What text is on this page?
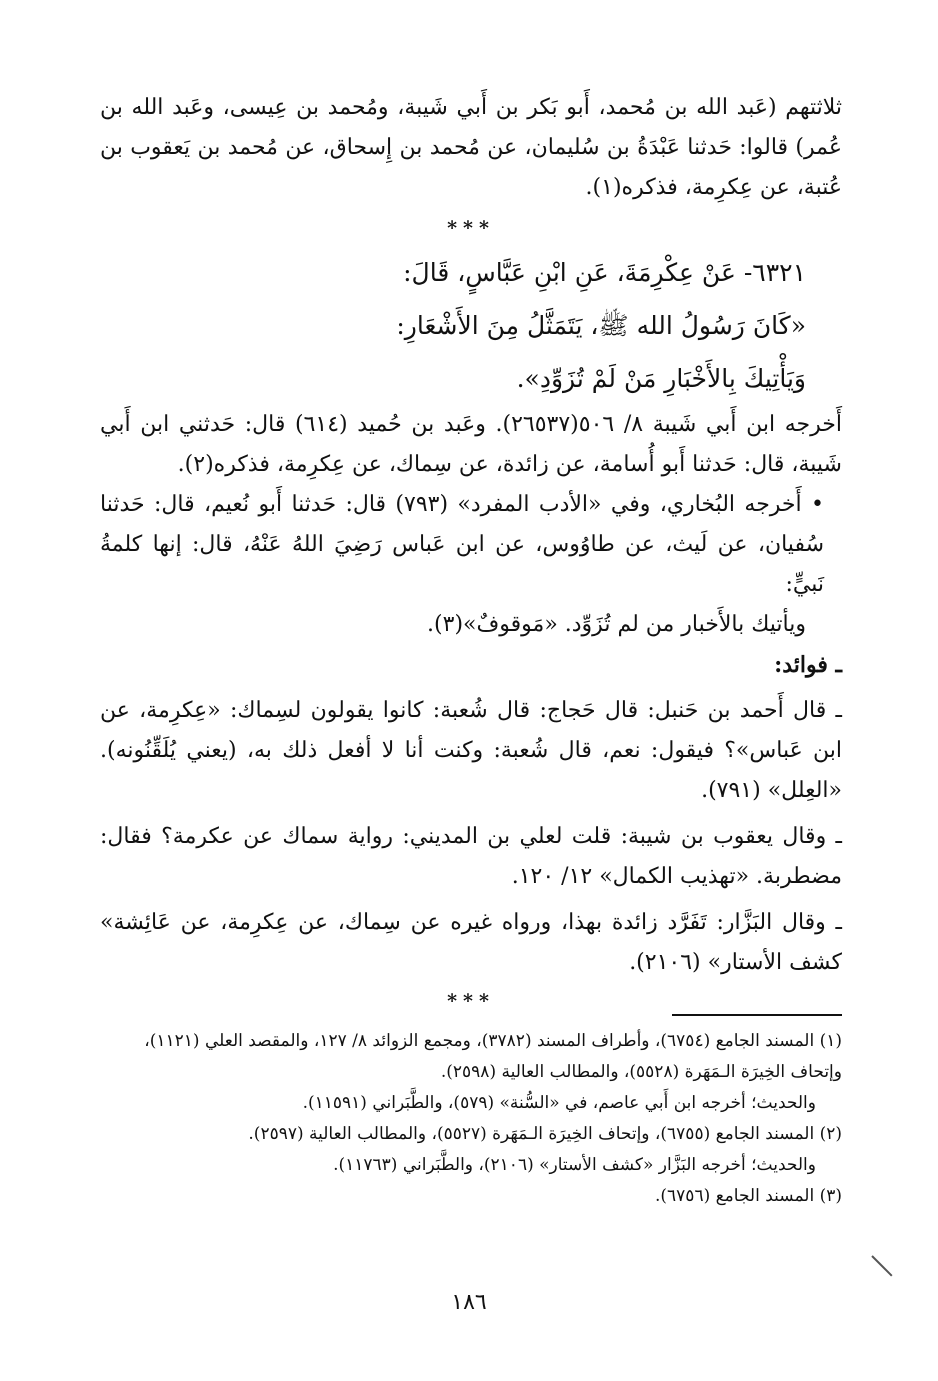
ثلاثتهم (عَبد الله بن مُحمد، أَبو بَكر بن أَبي شَيبة، ومُحمد بن عِيسى، وعَبد الله بن عُمر) قالوا: حَدثنا عَبْدَةُ بن سُليمان، عن مُحمد بن إِسحاق، عن مُحمد بن يَعقوب بن عُتبة، عن عِكرِمة، فذكره(١).

***
٦٣٢١- عَنْ عِكْرِمَةَ، عَنِ ابْنِ عَبَّاسٍ، قَالَ:
«كَانَ رَسُولُ الله ﷺ، يَتَمَثَّلُ مِنَ الأَشْعَارِ:
وَيَأْتِيكَ بِالأَخْبَارِ مَنْ لَمْ تُزَوِّدِ».

أَخرجه ابن أَبي شَيبة ٨/ ٥٠٦(٢٦٥٣٧). وعَبد بن حُميد (٦١٤) قال: حَدثني ابن أَبي شَيبة، قال: حَدثنا أَبو أُسامة، عن زائدة، عن سِماك، عن عِكرِمة، فذكره(٢).

• أَخرجه البُخاري، وفي «الأدب المفرد» (٧٩٣) قال: حَدثنا أَبو نُعيم، قال: حَدثنا سُفيان، عن لَيث، عن طاوُوس، عن ابن عَباس رَضِيَ اللهُ عَنْهُ، قال: إنها كلمةُ نَبيٍّ:

ويأتيك بالأَخبار من لم تُزَوِّد. «مَوقوفٌ»(٣).

ـ فوائد:

ـ قال أَحمد بن حَنبل: قال حَجاج: قال شُعبة: كانوا يقولون لسِماك: «عِكرِمة، عن ابن عَباس»؟ فيقول: نعم، قال شُعبة: وكنت أنا لا أفعل ذلك به، (يعني يُلَقِّنُونه). «العِلل» (٧٩١).

ـ وقال يعقوب بن شيبة: قلت لعلي بن المديني: رواية سماك عن عكرمة؟ فقال: مضطربة. «تهذيب الكمال» ١٢/ ١٢٠.

ـ وقال البَزَّار: تَفَرَّد زائدة بهذا، ورواه غيره عن سِماك، عن عِكرِمة، عن عَائِشة» كشف الأستار» (٢١٠٦).

***

(١) المسند الجامع (٦٧٥٤)، وأطراف المسند (٣٧٨٢)، ومجمع الزوائد ٨/ ١٢٧، والمقصد العلي (١١٢١)، وإتحاف الخِيرَة الـمَهَرة (٥٥٢٨)، والمطالب العالية (٢٥٩٨).

والحديث؛ أخرجه ابن أَبي عاصم، في «السُّنة» (٥٧٩)، والطَّبَراني (١١٥٩١).

(٢) المسند الجامع (٦٧٥٥)، وإتحاف الخِيرَة الـمَهَرة (٥٥٢٧)، والمطالب العالية (٢٥٩٧).

والحديث؛ أخرجه البَزَّار «كشف الأستار» (٢١٠٦)، والطَّبَراني (١١٧٦٣).

(٣) المسند الجامع (٦٧٥٦).

١٨٦
